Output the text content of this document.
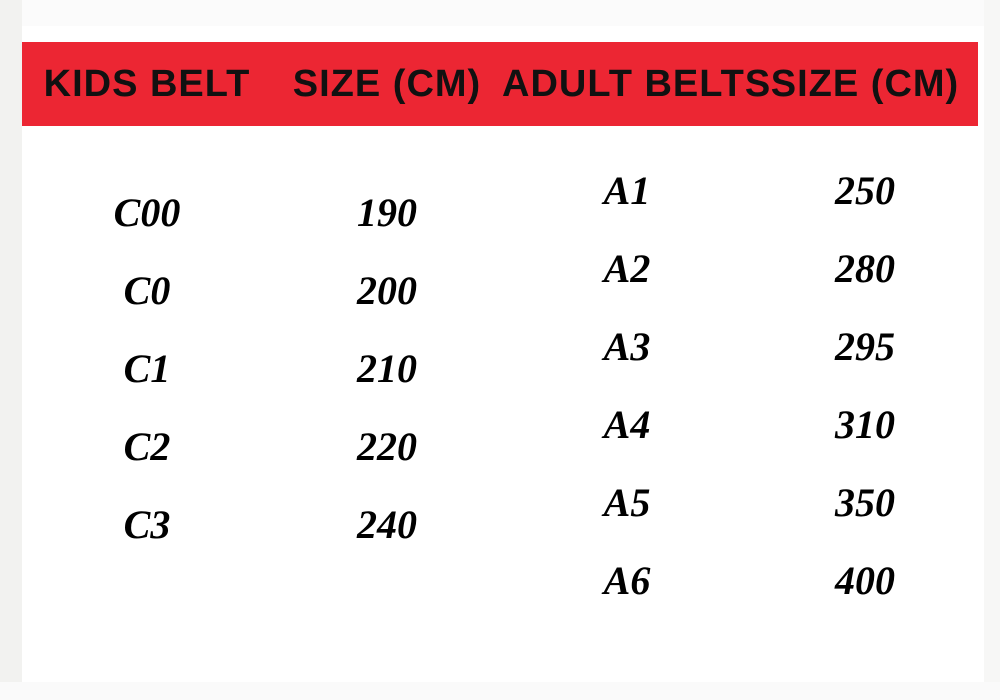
KIDS BELT	SIZE (CM) ADULT BELTS SIZE (CM)
C00
C0
C1
C2
C3
190
200
210
220
240
A1
A2
A3
A4
A5
A6
250
280
295
310
350
400
